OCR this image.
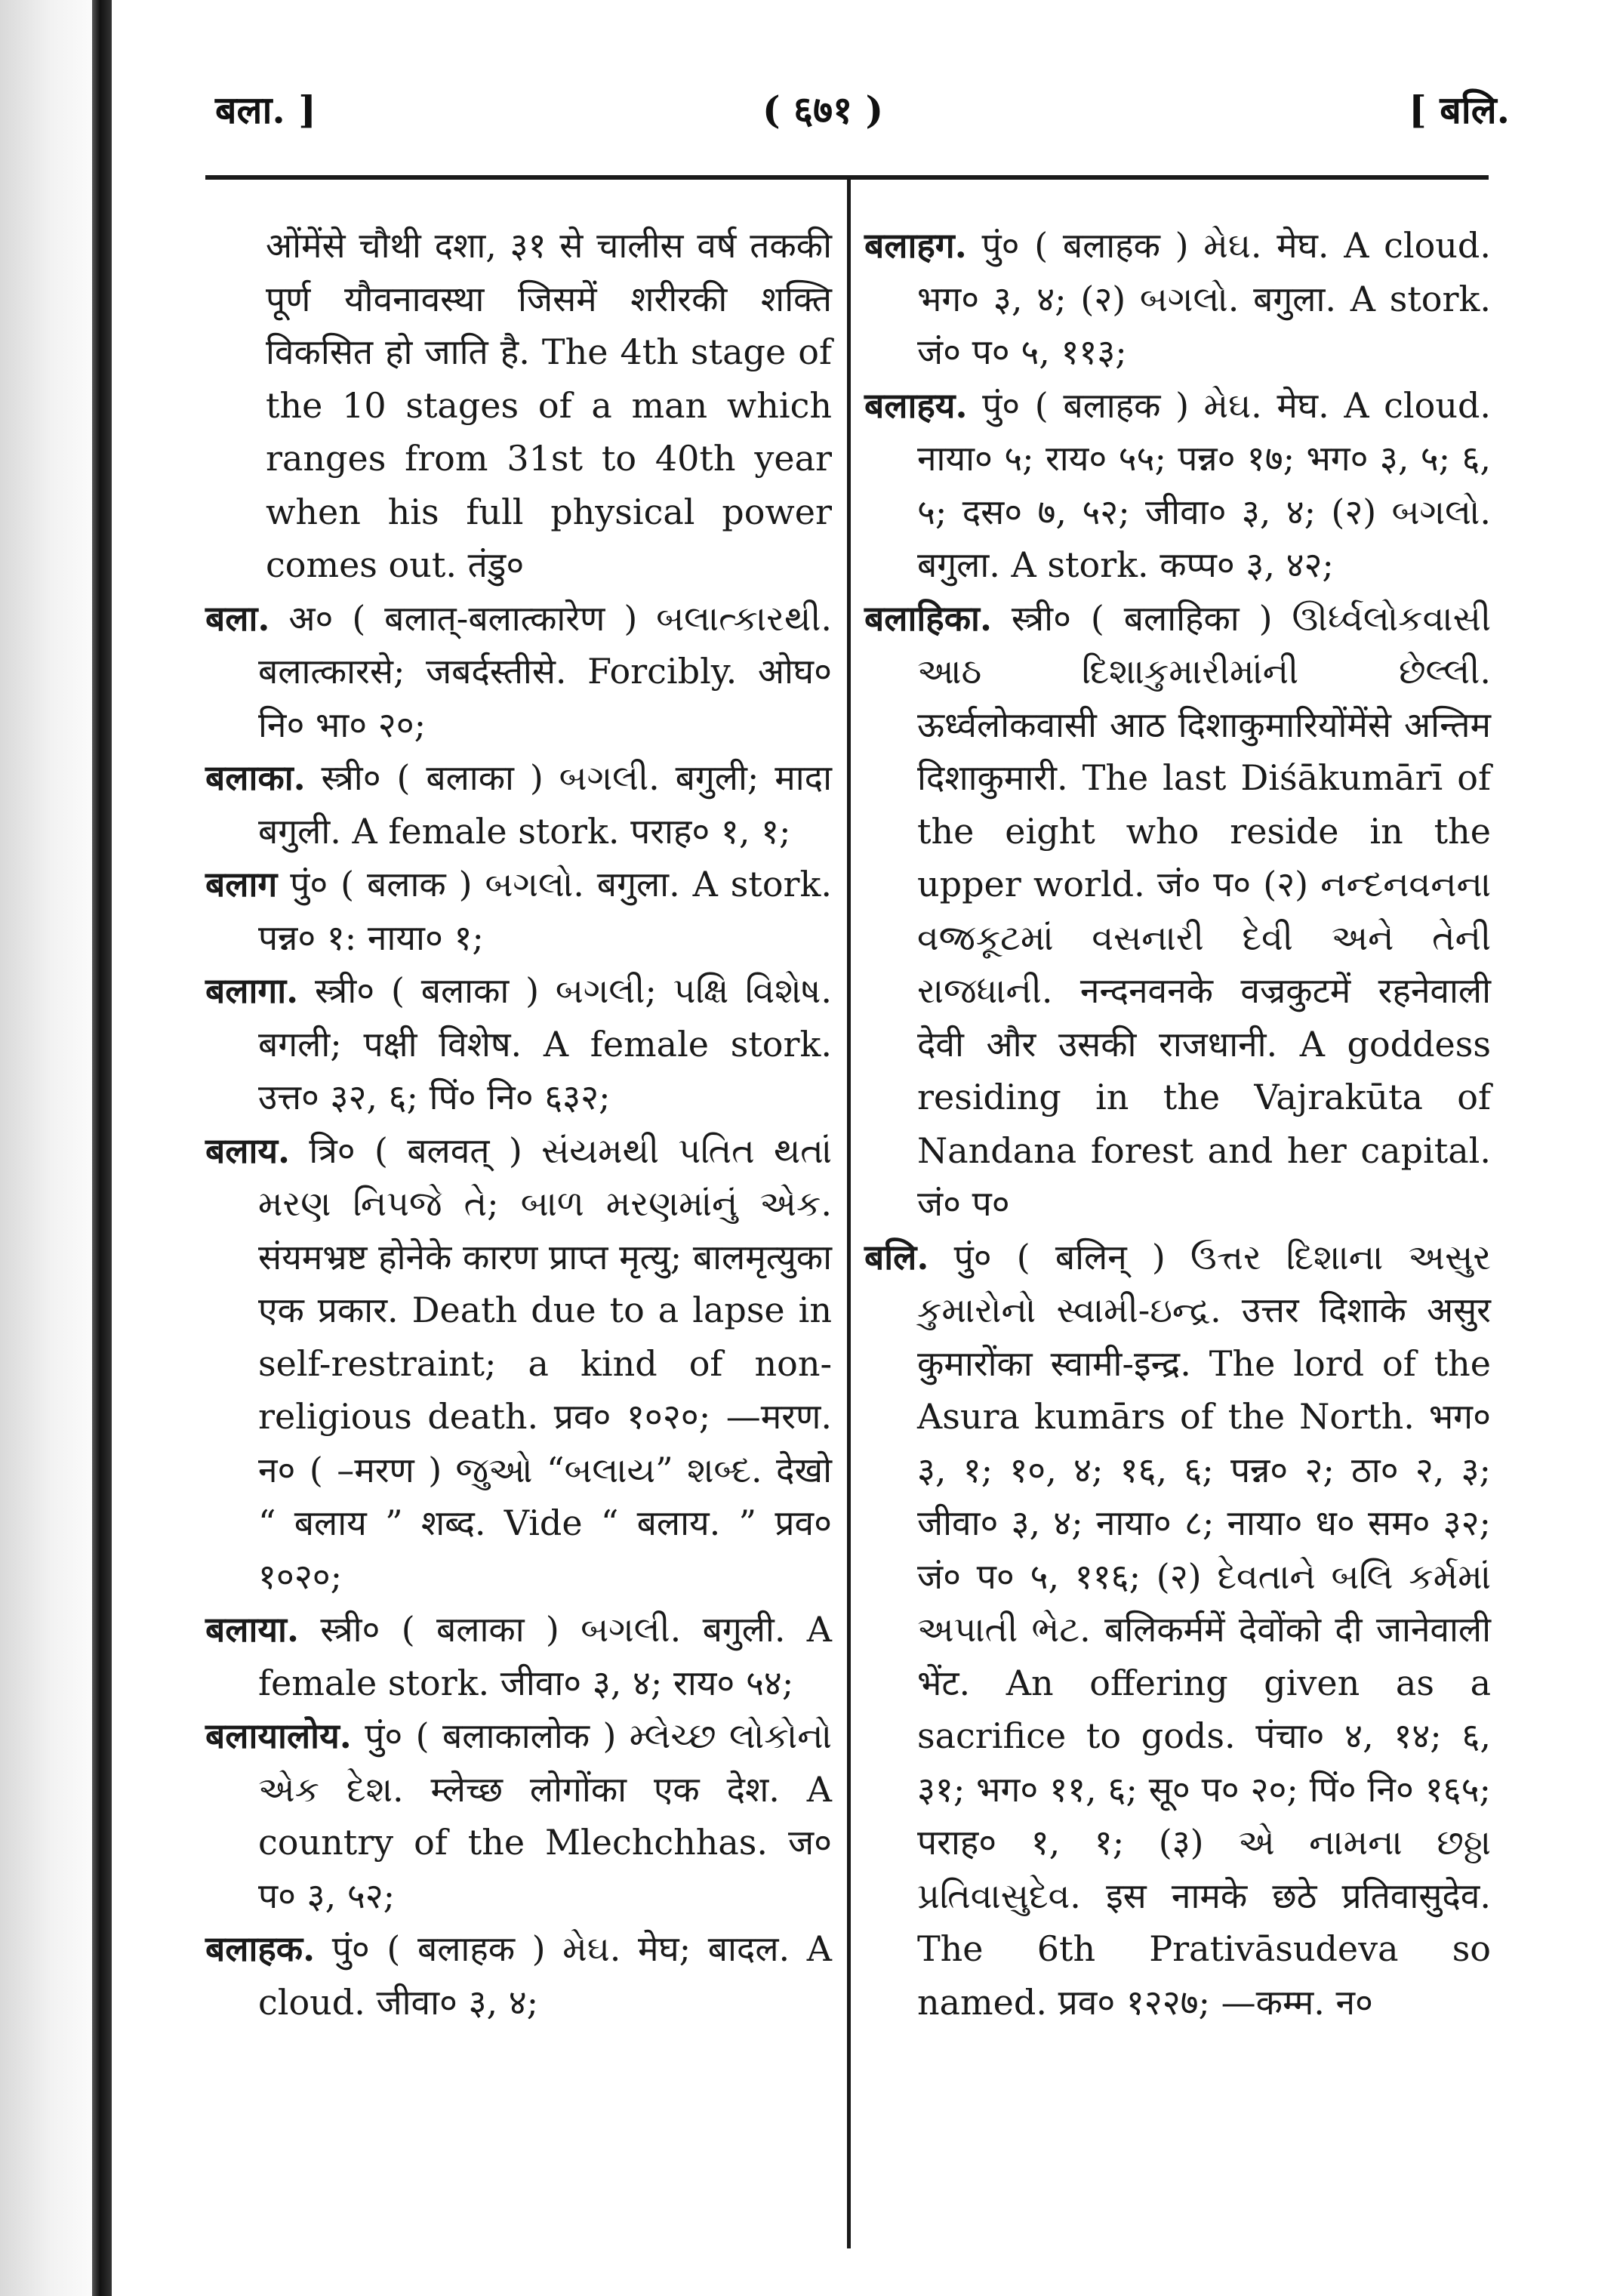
बला. ]	( ६७१ )	[ बलि.

ओंमेंसे चौथी दशा, ३१ से चालीस वर्ष तककी पूर्ण यौवनावस्था जिसमें शरीरकी शक्ति विकसित हो जाति है. The 4th stage of the 10 stages of a man which ranges from 31st to 40th year when his full physical power comes out. तंडु०

बला. अ० ( बलात्-बलात्कारेण ) બલાત્કારથી. बलात्कारसे; जबर्दस्तीसे. Forcibly. ओघ० नि० भा० २०;

बलाका. स्त्री० ( बलाका ) બગલી. बगुली; मादा बगुली. A female stork. पराह० १, १;

बलाग पुं० ( बलाक ) બગલો. बगुला. A stork. पन्न० १: नाया० १;

बलागा. स्त्री० ( बलाका ) બગલી; પક્ષિ વિશેષ. बगली; पक्षी विशेष. A female stork. उत्त० ३२, ६; पिं० नि० ६३२;

बलाय. त्रि० ( बलवत् ) સંયમથી પતિત થતાં મરણ નિપજે તે; બાળ મરણમાંનું એક. संयमभ्रष्ट होनेके कारण प्राप्त मृत्यु; बालमृत्युका एक प्रकार. Death due to a lapse in self-restraint; a kind of non-religious death. प्रव० १०२०; —मरण. न० ( –मरण ) જુઓ “બલાય” શબ્દ. देखो “ बलाय ” शब्द. Vide “ बलाय. ” प्रव० १०२०;

बलाया. स्त्री० ( बलाका ) બગલી. बगुली. A female stork. जीवा० ३, ४; राय० ५४;

बलायालोय. पुं० ( बलाकालोक ) મ્લેચ્છ લોકોનો એક દેશ. म्लेच्छ लोगोंका एक देश. A country of the Mlechchhas. ज० प० ३, ५२;

बलाहक. पुं० ( बलाहक ) મેઘ. मेघ; बादल. A cloud. जीवा० ३, ४;

बलाहग. पुं० ( बलाहक ) મેઘ. मेघ. A cloud. भग० ३, ४; (२) બગલો. बगुला. A stork. जं० प० ५, ११३;

बलाहय. पुं० ( बलाहक ) મેઘ. मेघ. A cloud. नाया० ५; राय० ५५; पन्न० १७; भग० ३, ५; ६, ५; दस० ७, ५२; जीवा० ३, ४; (२) બગલો. बगुला. A stork. कप्प० ३, ४२;

बलाहिका. स्त्री० ( बलाहिका ) ઊર્ધ્વલોકવાસી આઠ દિશાકુમારીમાંની છેલ્લી. ऊर्ध्वलोकवासी आठ दिशाकुमारियोंमेंसे अन्तिम दिशाकुमारी. The last Diśākumārī of the eight who reside in the upper world. जं० प० (२) નન્દનવનના વજ્રકૂટમાં વસનારી દેવી અને તેની રાજધાની. नन्दनवनके वज्रकुटमें रहनेवाली देवी और उसकी राजधानी. A goddess residing in the Vajrakūta of Nandana forest and her capital. जं० प०

बलि. पुं० ( बलिन् ) ઉત્તર દિશાના અસુર કુમારોનો સ્વામી-ઇન્દ્ર. उत्तर दिशाके असुर कुमारोंका स्वामी-इन्द्र. The lord of the Asura kumārs of the North. भग० ३, १; १०, ४; १६, ६; पन्न० २; ठा० २, ३; जीवा० ३, ४; नाया० ८; नाया० ध० सम० ३२; जं० प० ५, ११६; (२) દેવતાને બલિ કર્મમાં અપાતી ભેટ. बलिकर्ममें देवोंको दी जानेवाली भेंट. An offering given as a sacrifice to gods. पंचा० ४, १४; ६, ३१; भग० ११, ६; सू० प० २०; पिं० नि० १६५; पराह० १, १; (३) એ નામના છઠ્ઠા પ્રતિવાસુદેવ. इस नामके छठे प्रतिवासुदेव. The 6th Prativāsudeva so named. प्रव० १२२७; —कम्म. न०
